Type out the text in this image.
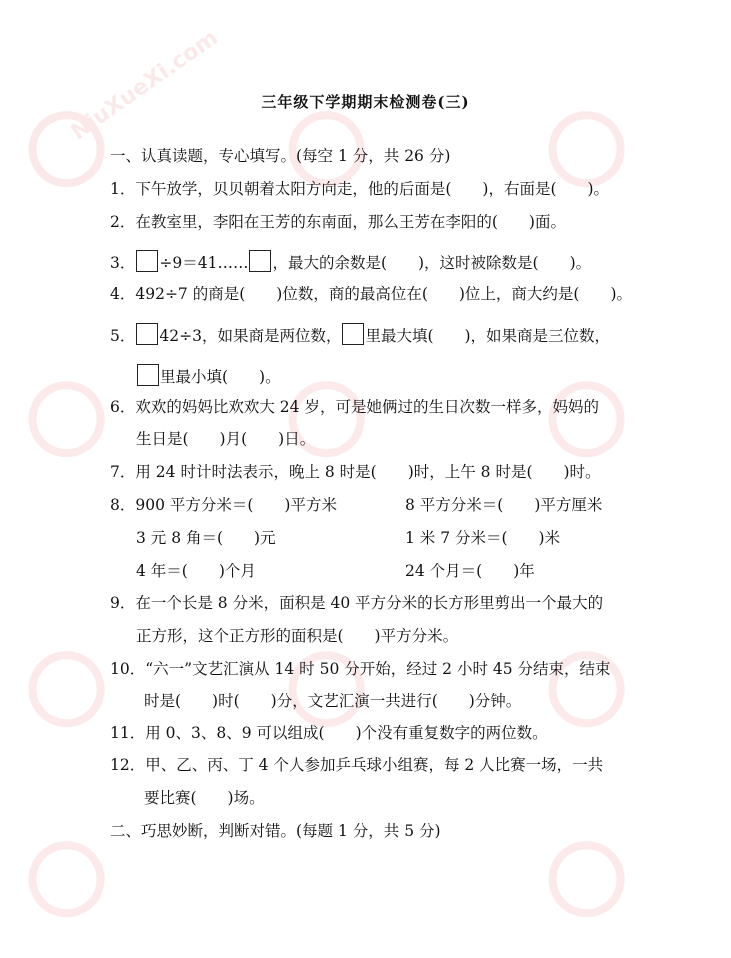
NiuXueXi.com	三年级下学期期末检测卷(三)
一、认真读题，专心填写。(每空 1 分，共 26 分)
1．下午放学，贝贝朝着太阳方向走，他的后面是(　　)，右面是(　　)。
2．在教室里，李阳在王芳的东南面，那么王芳在李阳的(　　)面。
3． ÷9＝41…… ，最大的余数是(　　)，这时被除数是(　　)。
4．492÷7 的商是(　　)位数，商的最高位在(　　)位上，商大约是(　　)。
5． 42÷3，如果商是两位数， 里最大填(　　)，如果商是三位数，
里最小填(　　)。
6．欢欢的妈妈比欢欢大 24 岁，可是她俩过的生日次数一样多，妈妈的
生日是(　　)月(　　)日。
7．用 24 时计时法表示，晚上 8 时是(　　)时，上午 8 时是(　　)时。
8．900 平方分米＝(　　)平方米	8 平方分米＝(　　)平方厘米
3 元 8 角＝(　　)元	1 米 7 分米＝(　　)米
4 年＝(　　)个月	24 个月＝(　　)年
9．在一个长是 8 分米，面积是 40 平方分米的长方形里剪出一个最大的
正方形，这个正方形的面积是(　　)平方分米。
10．“六一”文艺汇演从 14 时 50 分开始，经过 2 小时 45 分结束，结束
时是(　　)时(　　)分，文艺汇演一共进行(　　)分钟。
11．用 0、3、8、9 可以组成(　　)个没有重复数字的两位数。
12．甲、乙、丙、丁 4 个人参加乒乓球小组赛，每 2 人比赛一场，一共
要比赛(　　)场。
二、巧思妙断，判断对错。(每题 1 分，共 5 分)
